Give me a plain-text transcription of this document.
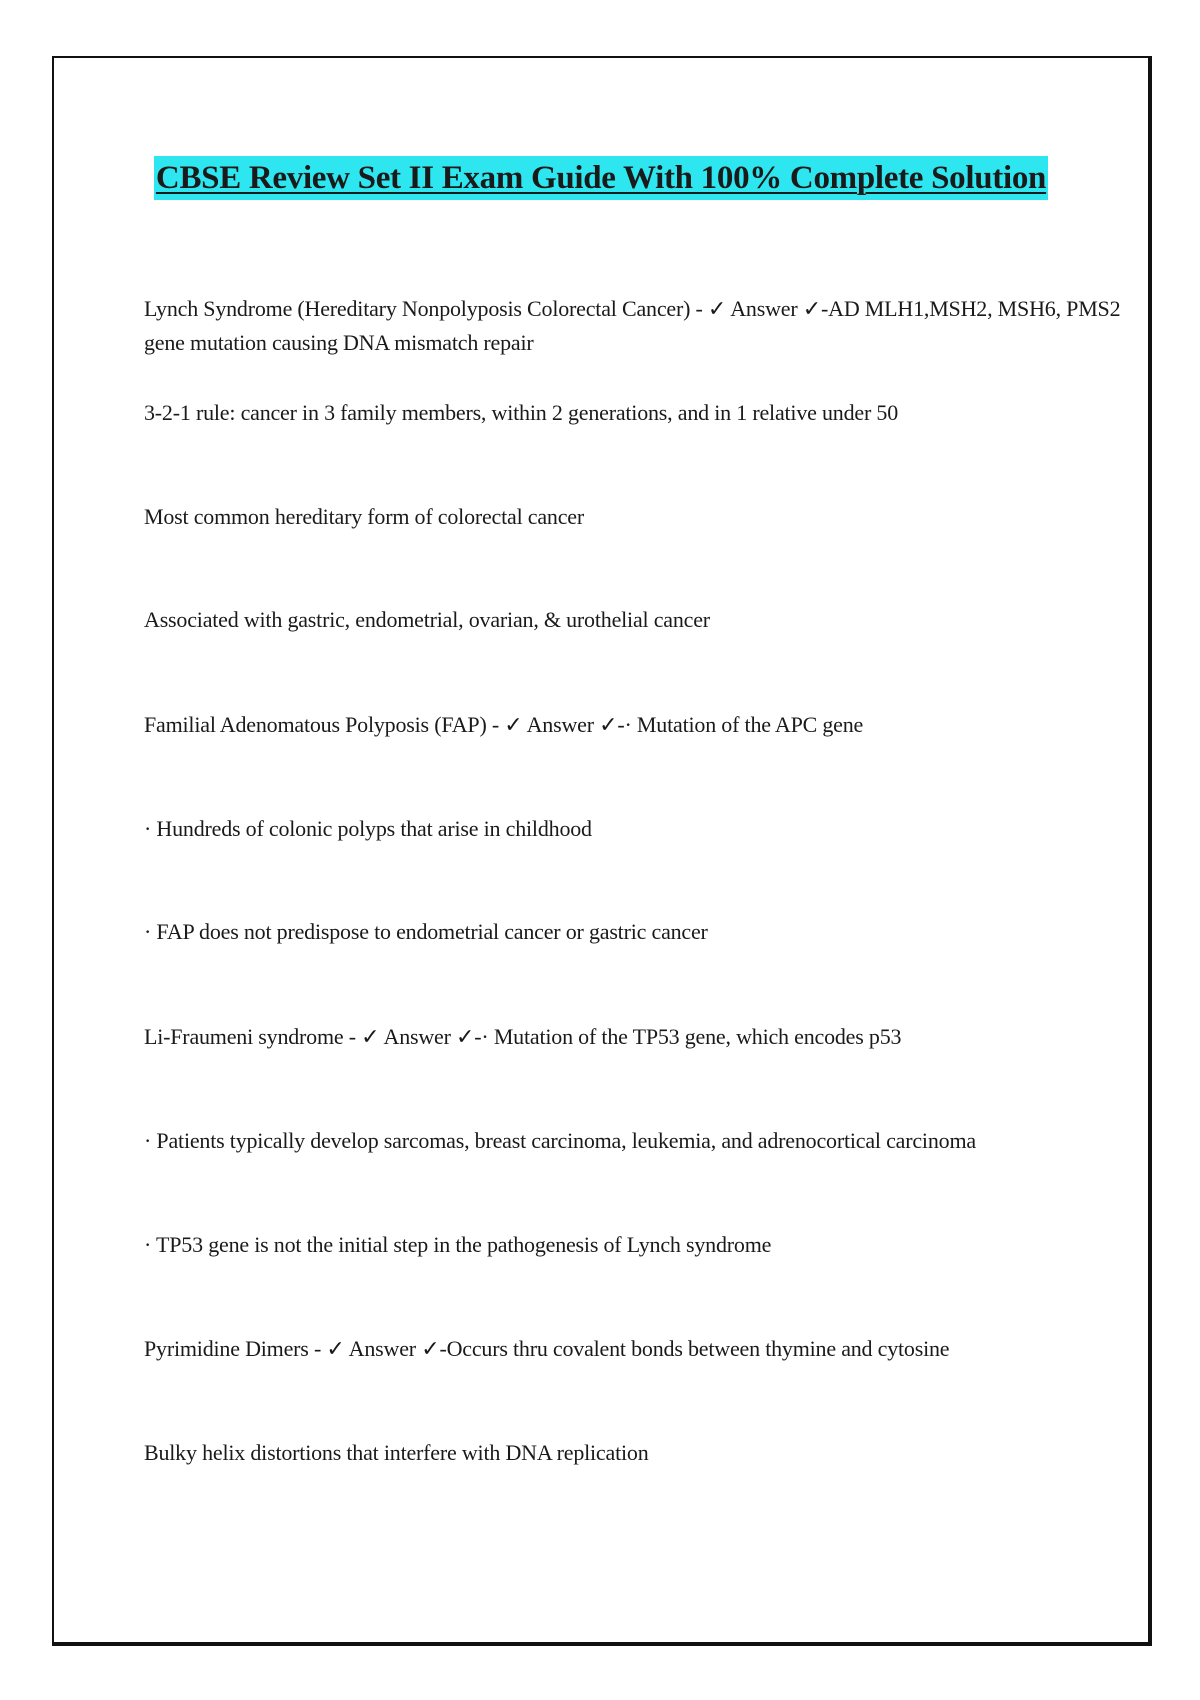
CBSE Review Set II Exam Guide With 100% Complete Solution
Lynch Syndrome (Hereditary Nonpolyposis Colorectal Cancer) - ✓ Answer ✓-AD MLH1,MSH2, MSH6, PMS2 gene mutation causing DNA mismatch repair
3-2-1 rule: cancer in 3 family members, within 2 generations, and in 1 relative under 50
Most common hereditary form of colorectal cancer
Associated with gastric, endometrial, ovarian, & urothelial cancer
Familial Adenomatous Polyposis (FAP) - ✓ Answer ✓-· Mutation of the APC gene
· Hundreds of colonic polyps that arise in childhood
· FAP does not predispose to endometrial cancer or gastric cancer
Li-Fraumeni syndrome - ✓ Answer ✓-· Mutation of the TP53 gene, which encodes p53
· Patients typically develop sarcomas, breast carcinoma, leukemia, and adrenocortical carcinoma
· TP53 gene is not the initial step in the pathogenesis of Lynch syndrome
Pyrimidine Dimers - ✓ Answer ✓-Occurs thru covalent bonds between thymine and cytosine
Bulky helix distortions that interfere with DNA replication
